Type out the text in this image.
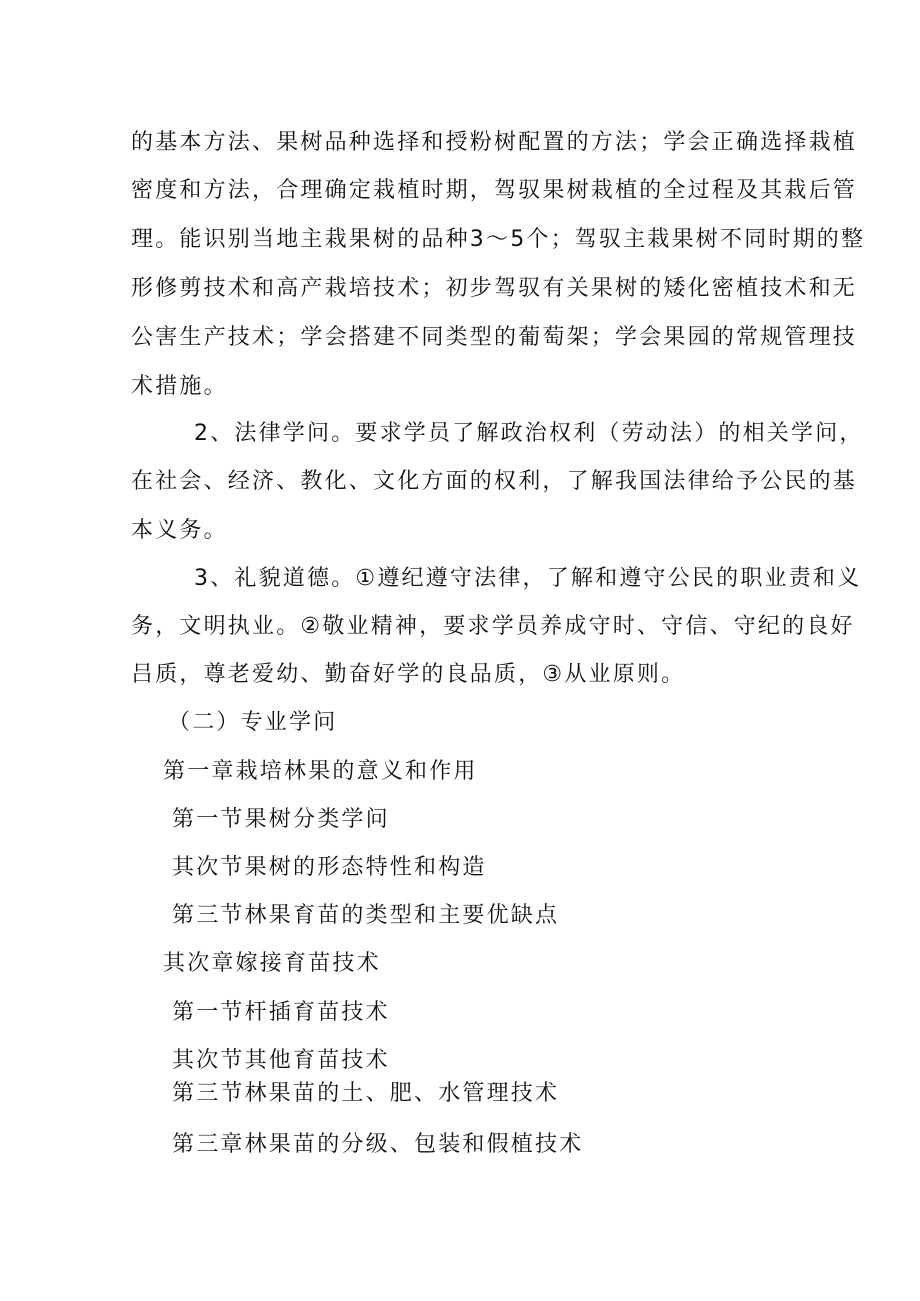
的基本方法、果树品种选择和授粉树配置的方法；学会正确选择栽植
密度和方法，合理确定栽植时期，驾驭果树栽植的全过程及其栽后管
理。能识别当地主栽果树的品种3〜5个；驾驭主栽果树不同时期的整
形修剪技术和高产栽培技术；初步驾驭有关果树的矮化密植技术和无
公害生产技术；学会搭建不同类型的葡萄架；学会果园的常规管理技
术措施。
2、法律学问。要求学员了解政治权利（劳动法）的相关学问，
在社会、经济、教化、文化方面的权利，了解我国法律给予公民的基
本义务。
3、礼貌道德。①遵纪遵守法律，了解和遵守公民的职业责和义
务，文明执业。②敬业精神，要求学员养成守时、守信、守纪的良好
吕质，尊老爱幼、勤奋好学的良品质，③从业原则。
（二）专业学问
第一章栽培林果的意义和作用
第一节果树分类学问
其次节果树的形态特性和构造
第三节林果育苗的类型和主要优缺点
其次章嫁接育苗技术
第一节杆插育苗技术
其次节其他育苗技术
第三节林果苗的土、肥、水管理技术
第三章林果苗的分级、包装和假植技术
